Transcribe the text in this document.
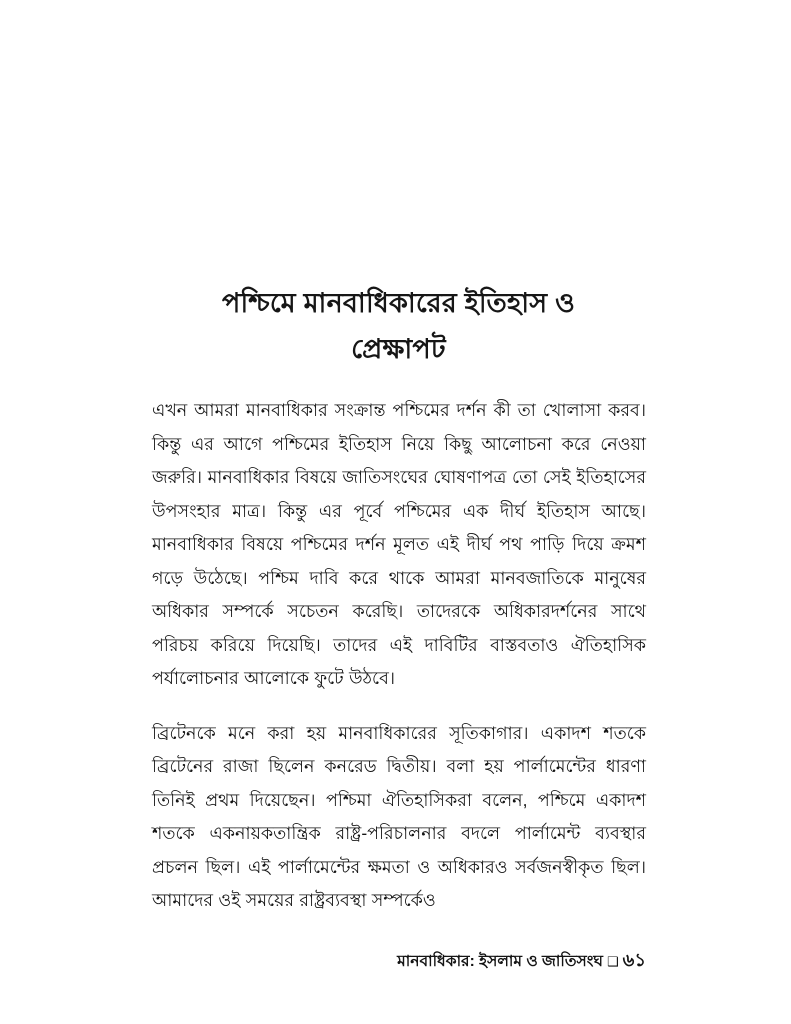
পশ্চিমে মানবাধিকারের ইতিহাস ও
প্রেক্ষাপট

এখন আমরা মানবাধিকার সংক্রান্ত পশ্চিমের দর্শন কী তা খোলাসা করব। কিন্তু এর আগে পশ্চিমের ইতিহাস নিয়ে কিছু আলোচনা করে নেওয়া জরুরি। মানবাধিকার বিষয়ে জাতিসংঘের ঘোষণাপত্র তো সেই ইতিহাসের উপসংহার মাত্র। কিন্তু এর পূর্বে পশ্চিমের এক দীর্ঘ ইতিহাস আছে। মানবাধিকার বিষয়ে পশ্চিমের দর্শন মূলত এই দীর্ঘ পথ পাড়ি দিয়ে ক্রমশ গড়ে উঠেছে। পশ্চিম দাবি করে থাকে আমরা মানবজাতিকে মানুষের অধিকার সম্পর্কে সচেতন করেছি। তাদেরকে অধিকারদর্শনের সাথে পরিচয় করিয়ে দিয়েছি। তাদের এই দাবিটির বাস্তবতাও ঐতিহাসিক পর্যালোচনার আলোকে ফুটে উঠবে।

ব্রিটেনকে মনে করা হয় মানবাধিকারের সূতিকাগার। একাদশ শতকে ব্রিটেনের রাজা ছিলেন কনরেড দ্বিতীয়। বলা হয় পার্লামেন্টের ধারণা তিনিই প্রথম দিয়েছেন। পশ্চিমা ঐতিহাসিকরা বলেন, পশ্চিমে একাদশ শতকে একনায়কতান্ত্রিক রাষ্ট্র-পরিচালনার বদলে পার্লামেন্ট ব্যবস্থার প্রচলন ছিল। এই পার্লামেন্টের ক্ষমতা ও অধিকারও সর্বজনস্বীকৃত ছিল। আমাদের ওই সময়ের রাষ্ট্রব্যবস্থা সম্পর্কেও

মানবাধিকার: ইসলাম ও জাতিসংঘ ❑ ৬১
